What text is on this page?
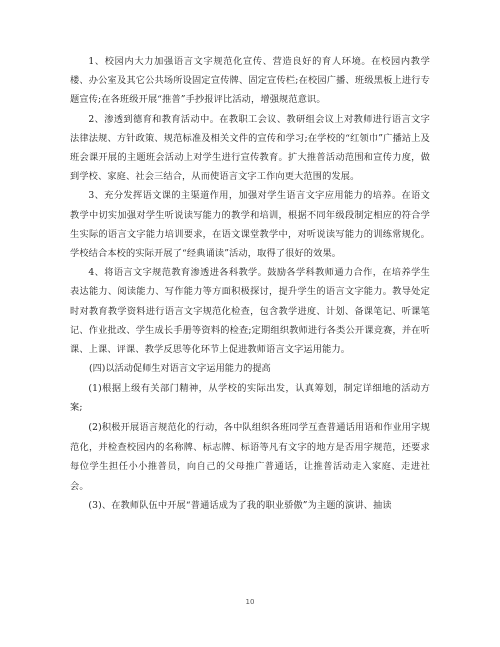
1、校园内大力加强语言文字规范化宣传、营造良好的育人环境。在校园内教学楼、办公室及其它公共场所设固定宣传牌、固定宣传栏;在校园广播、班级黑板上进行专题宣传;在各班级开展“推普”手抄报评比活动，增强规范意识。

2、渗透到德育和教育活动中。在教职工会议、教研组会议上对教师进行语言文字法律法规、方针政策、规范标准及相关文件的宣传和学习;在学校的“红领巾”广播站上及班会课开展的主题班会活动上对学生进行宣传教育。扩大推普活动范围和宣传力度，做到学校、家庭、社会三结合，从而使语言文字工作向更大范围的发展。

3、充分发挥语文课的主渠道作用，加强对学生语言文字应用能力的培养。在语文教学中切实加强对学生听说读写能力的教学和培训，根据不同年级段制定相应的符合学生实际的语言文字能力培训要求，在语文课堂教学中，对听说读写能力的训练常规化。学校结合本校的实际开展了“经典诵读”活动，取得了很好的效果。

4、将语言文字规范教育渗透进各科教学。鼓励各学科教师通力合作，在培养学生表达能力、阅读能力、写作能力等方面积极探讨，提升学生的语言文字能力。教导处定时对教育教学资料进行语言文字规范化检查，包含教学进度、计划、备课笔记、听课笔记、作业批改、学生成长手册等资料的检查;定期组织教师进行各类公开课竞赛，并在听课、上课、评课、教学反思等化环节上促进教师语言文字运用能力。

(四)以活动促师生对语言文字运用能力的提高

(1)根据上级有关部门精神，从学校的实际出发，认真筹划，制定详细地的活动方案;

(2)积极开展语言规范化的行动，各中队组织各班同学互查普通话用语和作业用字规范化，并检查校园内的名称牌、标志牌、标语等凡有文字的地方是否用字规范，还要求每位学生担任小小推普员，向自己的父母推广普通话，让推普活动走入家庭、走进社会。

(3)、在教师队伍中开展“普通话成为了我的职业骄傲”为主题的演讲、抽读

10
